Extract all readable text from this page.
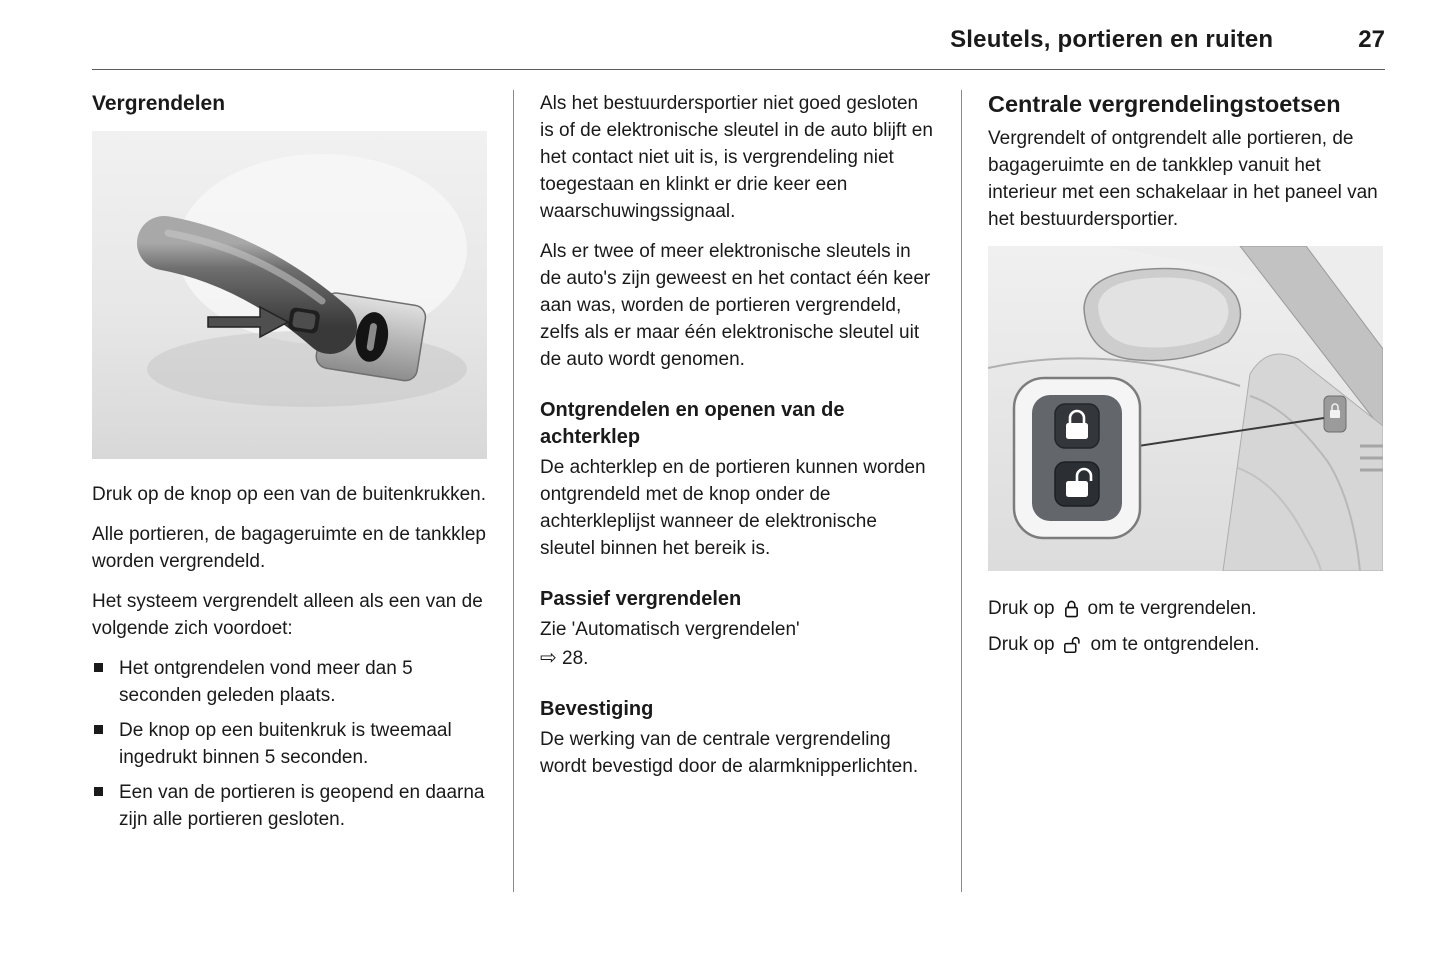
Sleutels, portieren en ruiten	27
Vergrendelen

Druk op de knop op een van de buitenkrukken.

Alle portieren, de bagageruimte en de tankklep worden vergrendeld.

Het systeem vergrendelt alleen als een van de volgende zich voordoet:

Het ontgrendelen vond meer dan 5 seconden geleden plaats.
De knop op een buitenkruk is tweemaal ingedrukt binnen 5 seconden.
Een van de portieren is geopend en daarna zijn alle portieren gesloten.

Als het bestuurdersportier niet goed gesloten is of de elektronische sleutel in de auto blijft en het contact niet uit is, is vergrendeling niet toegestaan en klinkt er drie keer een waarschuwingssignaal.

Als er twee of meer elektronische sleutels in de auto's zijn geweest en het contact één keer aan was, worden de portieren vergrendeld, zelfs als er maar één elektronische sleutel uit de auto wordt genomen.

Ontgrendelen en openen van de achterklep

De achterklep en de portieren kunnen worden ontgrendeld met de knop onder de achterkleplijst wanneer de elektronische sleutel binnen het bereik is.

Passief vergrendelen

Zie 'Automatisch vergrendelen'

⇨ 28.

Bevestiging

De werking van de centrale vergrendeling wordt bevestigd door de alarmknipperlichten.

Centrale vergrendelingstoetsen

Vergrendelt of ontgrendelt alle portieren, de bagageruimte en de tankklep vanuit het interieur met een schakelaar in het paneel van het bestuurdersportier.

Druk op om te vergrendelen.

Druk op om te ontgrendelen.
